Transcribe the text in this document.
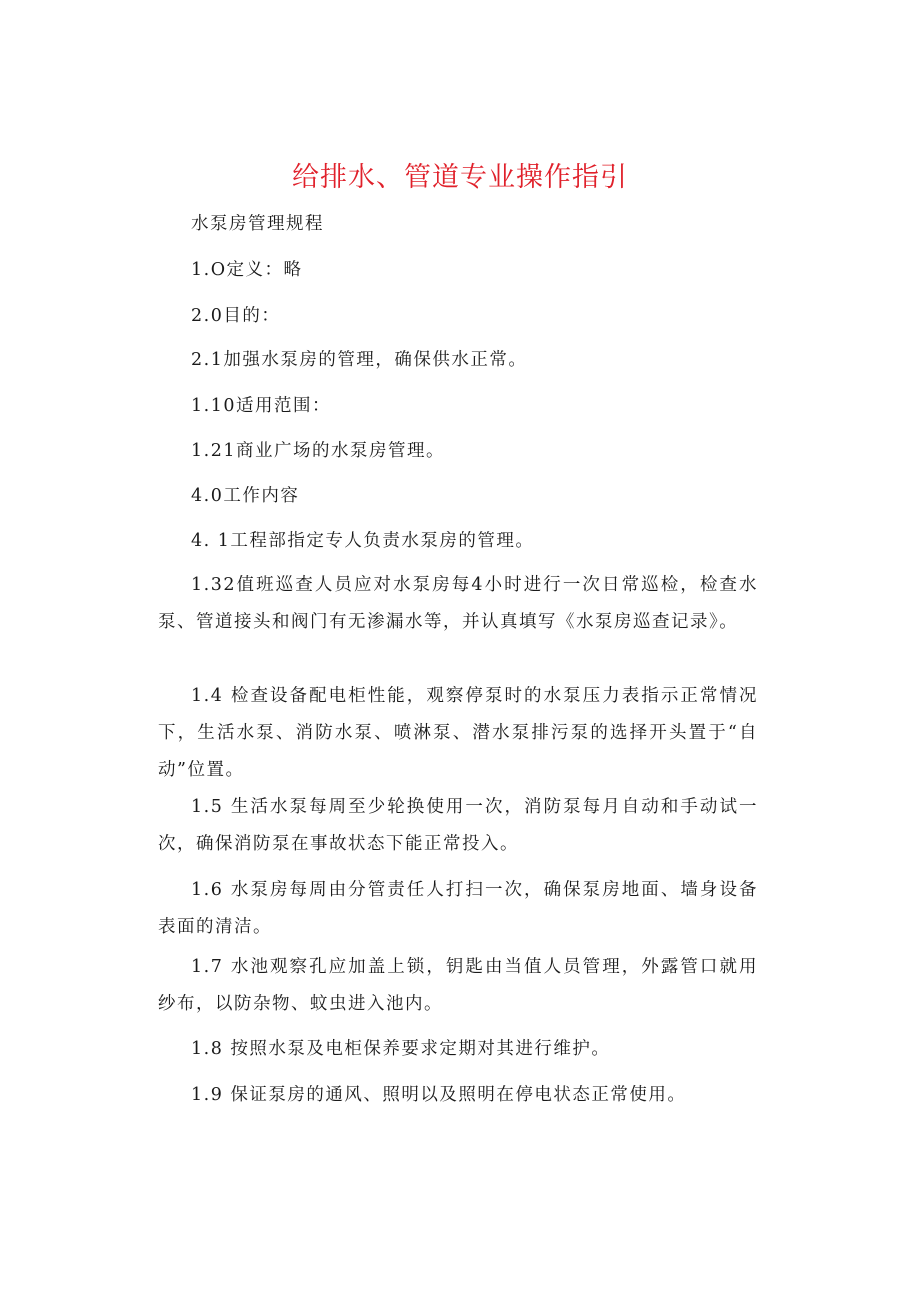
给排水、管道专业操作指引
水泵房管理规程
1.O定义：略
2.0目的：
2.1加强水泵房的管理，确保供水正常。
1.10适用范围：
1.21商业广场的水泵房管理。
4.0工作内容
4. 1工程部指定专人负责水泵房的管理。
1.32值班巡查人员应对水泵房每4小时进行一次日常巡检，检查水泵、管道接头和阀门有无渗漏水等，并认真填写《水泵房巡查记录》。
1.4 检查设备配电柜性能，观察停泵时的水泵压力表指示正常情况下，生活水泵、消防水泵、喷淋泵、潜水泵排污泵的选择开头置于“自动”位置。
1.5 生活水泵每周至少轮换使用一次，消防泵每月自动和手动试一次，确保消防泵在事故状态下能正常投入。
1.6 水泵房每周由分管责任人打扫一次，确保泵房地面、墙身设备表面的清洁。
1.7 水池观察孔应加盖上锁，钥匙由当值人员管理，外露管口就用纱布，以防杂物、蚊虫进入池内。
1.8 按照水泵及电柜保养要求定期对其进行维护。
1.9 保证泵房的通风、照明以及照明在停电状态正常使用。
